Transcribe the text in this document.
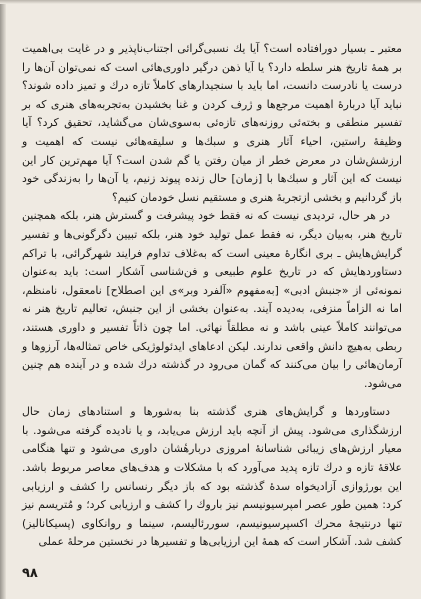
معتبر ـ بسیار دورافتاده است؟ آیا یك نسبی‌گرائی اجتناب‌ناپذیر و در غایت بی‌اهمیت بر همهٔ تاریخ هنر سلطه دارد؟ یا آیا ذهن درگیر داوری‌هائی است که نمی‌توان آن‌ها را درست یا نادرست دانست، اما باید با سنجیدارهای کاملاً تازه درك و تمیز داده شوند؟ نباید آیا دربارهٔ اهمیت مرجع‌ها و ژرف کردن و غنا بخشیدن به‌تجربه‌های هنری که بر تفسیر منطقی و بخته‌ئی روزنه‌های تازه‌ئی به‌سوی‌شان می‌گشاید، تحقیق کرد؟ آیا وظیفهٔ راستین، احیاء آثار هنری و سبك‌ها و سلیقه‌هائی نیست که اهمیت و ارزشش‌شان در معرض خطر از میان رفتن یا گم شدن است؟ آیا مهم‌ترین کار این نیست که این آثار و سبك‌ها با [زمان] حال زنده پیوند زنیم، یا آن‌ها را به‌زندگی خود باز گردانیم و بخشی ازتجربهٔ هنری و مستقیم نسل خودمان کنیم؟

در هر حال، تردیدی نیست که نه فقط خود پیشرفت و گسترش هنر، بلکه همچنین تاریخ هنر، به‌بیان دیگر، نه فقط عمل تولید خود هنر، بلکه تبیین دگرگونی‌ها و تفسیر گرایش‌هایش ـ بری انگارهٔ معینی است که به‌غلاف تداوم فرایند شهرگرائی، با تراکم دستاوردهایش که در تاریخ علوم طبیعی و فن‌شناسی آشکار است: باید به‌عنوان نمونه‌ئی از «جنبش ادبی» [به‌مفهوم «آلفرد وبر»ی این اصطلاح] نامعقول، نامنظم، اما نه الزاماً منزفی، به‌دیده آیند. به‌عنوان بخشی از این جنبش، تعالیم تاریخ هنر نه می‌توانند کاملاً عینی باشد و نه مطلقاً نهائی. اما چون ذاتاً تفسیر و داوری هستند، ربطی به‌هیچ دانش واقعی ندارند. لیکن ادعاهای ایدئولوژیکی خاص تمثاله‌ها، آرزوها و آرمان‌هائی را بیان می‌کنند که گمان می‌رود در گذشته درك شده و در آینده هم چنین می‌شود.

دستاوردها و گرایش‌های هنری گذشته بنا به‌شورها و استنادهای زمان حال ارزشگذاری می‌شود. پیش از آنچه باید ارزش می‌یابد، و یا نادیده گرفته می‌شود. با معیار ارزش‌های زیبائی شناسانهٔ امروزی دربارهٔشان داوری می‌شود و تنها هنگامی علاقهٔ تازه و درك تازه پدید می‌آورد که با مشکلات و هدف‌های معاصر مربوط باشد. این بورژوازی آزادیخواه سدهٔ گذشته بود که باز دیگر رنسانس را کشف و ارزیابی کرد: همین طور عصر امپرسیونیسم نیز باروك را کشف و ارزیابی کرد؛ و مُتریسم نیز تنها درنتیجهٔ محرك اکسپرسیونیسم، سوررئالیسم، سینما و روانکاوی (پسیکانالیز) کشف شد. آشکار است که همهٔ این ارزیابی‌ها و تفسیرها در نخستین مرحلهٔ عملی

۹۸
